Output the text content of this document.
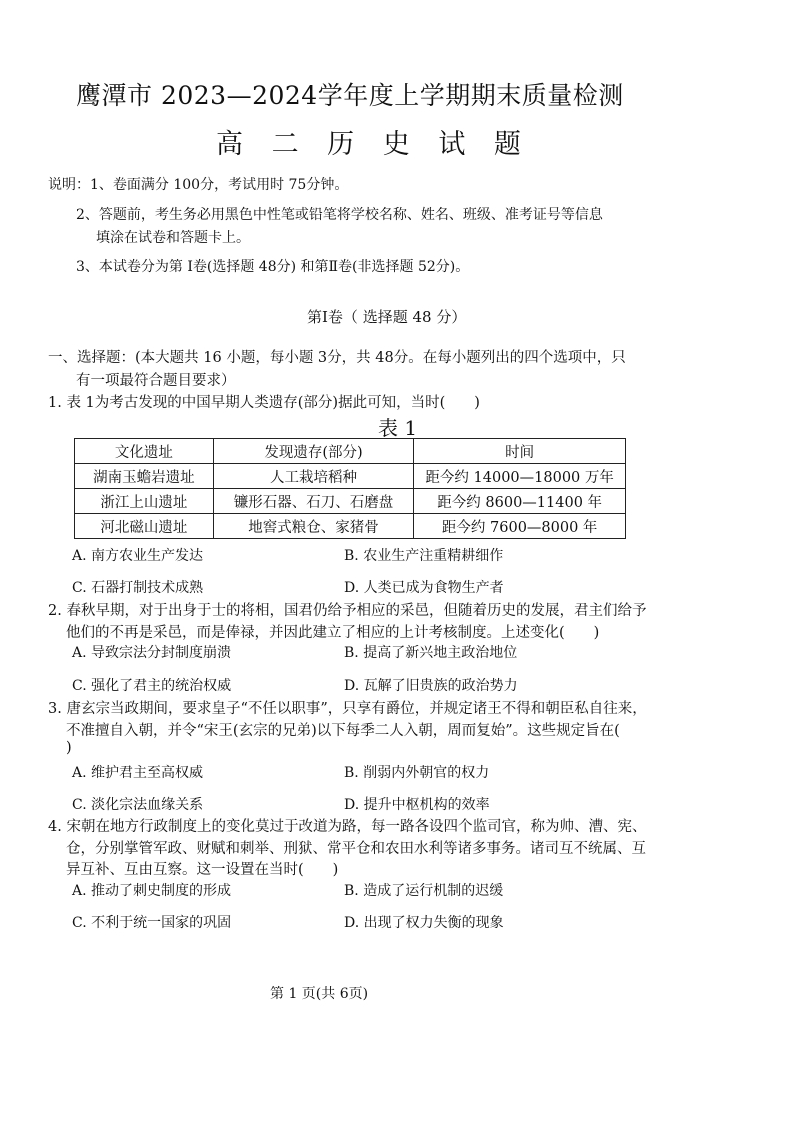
鹰潭市 2023—2024学年度上学期期末质量检测
高 二 历 史 试 题
说明：1、卷面满分 100分，考试用时 75分钟。
2、答题前，考生务必用黑色中性笔或铅笔将学校名称、姓名、班级、准考证号等信息
填涂在试卷和答题卡上。
3、本试卷分为第 Ⅰ卷(选择题 48分) 和第Ⅱ卷(非选择题 52分)。
第Ⅰ卷（ 选择题 48 分）
一、选择题：(本大题共 16 小题，每小题 3分，共 48分。在每小题列出的四个选项中，只
有一项最符合题目要求）
1. 表 1为考古发现的中国早期人类遗存(部分)据此可知，当时(　　)
表 1
文化遗址	发现遗存(部分)	时间
湖南玉蟾岩遗址	人工栽培稻种	距今约 14000—18000 万年
浙江上山遗址	镰形石器、石刀、石磨盘	距今约 8600—11400 年
河北磁山遗址	地窖式粮仓、家猪骨	距今约 7600—8000 年
A. 南方农业生产发达	B. 农业生产注重精耕细作
C. 石器打制技术成熟	D. 人类已成为食物生产者
2. 春秋早期，对于出身于士的将相，国君仍给予相应的采邑，但随着历史的发展，君主们给予
他们的不再是采邑，而是俸禄，并因此建立了相应的上计考核制度。上述变化(　　)
A. 导致宗法分封制度崩溃	B. 提高了新兴地主政治地位
C. 强化了君主的统治权威	D. 瓦解了旧贵族的政治势力
3. 唐玄宗当政期间，要求皇子“不任以职事”，只享有爵位，并规定诸王不得和朝臣私自往来，
不准擅自入朝，并令“宋王(玄宗的兄弟)以下每季二人入朝，周而复始”。这些规定旨在(
)
A. 维护君主至高权威	B. 削弱内外朝官的权力
C. 淡化宗法血缘关系	D. 提升中枢机构的效率
4. 宋朝在地方行政制度上的变化莫过于改道为路，每一路各设四个监司官，称为帅、漕、宪、
仓，分别掌管军政、财赋和刺举、刑狱、常平仓和农田水利等诸多事务。诸司互不统属、互
异互补、互由互察。这一设置在当时(　　)
A. 推动了刺史制度的形成	B. 造成了运行机制的迟缓
C. 不利于统一国家的巩固	D. 出现了权力失衡的现象
第 1 页(共 6页)
